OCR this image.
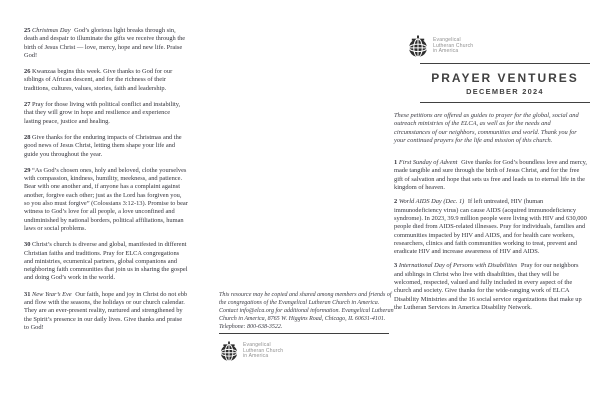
25 Christmas Day God’s glorious light breaks through sin, death and despair to illuminate the gifts we receive through the birth of Jesus Christ — love, mercy, hope and new life. Praise God!

26 Kwanzaa begins this week. Give thanks to God for our siblings of African descent, and for the richness of their traditions, cultures, values, stories, faith and leadership.

27 Pray for those living with political conflict and instability, that they will grow in hope and resilience and experience lasting peace, justice and healing.

28 Give thanks for the enduring impacts of Christmas and the good news of Jesus Christ, letting them shape your life and guide you throughout the year.

29 “As God’s chosen ones, holy and beloved, clothe yourselves with compassion, kindness, humility, meekness, and patience. Bear with one another and, if anyone has a complaint against another, forgive each other; just as the Lord has forgiven you, so you also must forgive” (Colossians 3:12-13). Promise to bear witness to God’s love for all people, a love unconfined and undiminished by national borders, political affiliations, human laws or social problems.

30 Christ’s church is diverse and global, manifested in different Christian faiths and traditions. Pray for ELCA congregations and ministries, ecumenical partners, global companions and neighboring faith communities that join us in sharing the gospel and doing God’s work in the world.

31 New Year’s Eve Our faith, hope and joy in Christ do not ebb and flow with the seasons, the holidays or our church calendar. They are an ever-present reality, nurtured and strengthened by the Spirit’s presence in our daily lives. Give thanks and praise to God!

This resource may be copied and shared among members and friends of the congregations of the Evangelical Lutheran Church in America. Contact info@elca.org for additional information. Evangelical Lutheran Church in America, 8765 W. Higgins Road, Chicago, IL 60631-4101. Telephone: 800-638-3522.

Evangelical
Lutheran Church
in America
Evangelical
Lutheran Church
in America
PRAYER VENTURES
DECEMBER 2024

These petitions are offered as guides to prayer for the global, social and outreach ministries of the ELCA, as well as for the needs and circumstances of our neighbors, communities and world. Thank you for your continued prayers for the life and mission of this church.

1 First Sunday of Advent Give thanks for God’s boundless love and mercy, made tangible and sure through the birth of Jesus Christ, and for the free gift of salvation and hope that sets us free and leads us to eternal life in the kingdom of heaven.

2 World AIDS Day (Dec. 1) If left untreated, HIV (human immunodeficiency virus) can cause AIDS (acquired immunodeficiency syndrome). In 2023, 39.9 million people were living with HIV and 630,000 people died from AIDS-related illnesses. Pray for individuals, families and communities impacted by HIV and AIDS, and for health care workers, researchers, clinics and faith communities working to treat, prevent and eradicate HIV and increase awareness of HIV and AIDS.

3 International Day of Persons with Disabilities Pray for our neighbors and siblings in Christ who live with disabilities, that they will be welcomed, respected, valued and fully included in every aspect of the church and society. Give thanks for the wide-ranging work of ELCA Disability Ministries and the 16 social service organizations that make up the Lutheran Services in America Disability Network.
